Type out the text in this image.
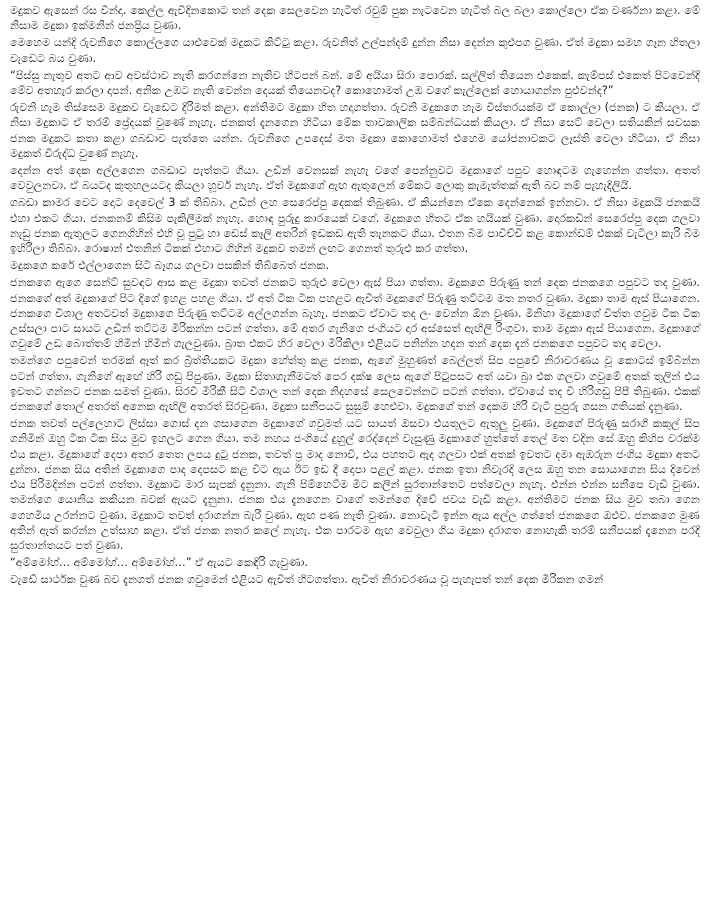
මදුකව ඇසෙන් රස වින්දා. කෙල්ල ඇවිදිනකොට තන් දෙක සෙලවෙන හැටිත් රවුම් පුක නැටවෙන හැටිත් බල බලා කොල්ලො ඒක වර්ණනා කළා. මේ නිසාම මදුකා ඉක්මනින් ජනප්‍රිය වුණා.

මෙහෙම යන්දි රුවනිගෙ කොල්ලගෙ යාළුවෙක් මදුකට කිට්ටු කළා. රුවනිත් උල්පන්දම් දුන්න නිසා දෙන්න කුළුපග වුණා. ඒත් මදුකා සමහ ගෑන හිතලා වැඩෙට බය වුණා.

“පිස්සු නැතුව අතට ආව අවස්ථාව නැති කරගන්නෙ නැතිව හිටපන් බන්. මේ අයියා සිරා පොරක්. සල්ලිත් තියෙන එකෙක්. කැම්පස් එකෙත් පිටවෙන්දි මේව අතහැර කරලා දාපන්. අනික උඹට නැති වෙන්න දෙයක් තියෙනවද? කොහොමත් උඹ වගේ කැල්ලෙක් හොයාගන්න පුළුවන්ද?”

රුවනි හැම තිස්සෙම මදුකව වැඩෙට දිරිමත් කළා. අන්තිමට මදුකා හිත හදාගත්තා. රුවනි මදුකගෙ හැම විස්තරයක්ම ඒ කොල්ලා (ජනක) ට කියලා. ඒ නිසා මදුකාට ඒ තරම් ප්‍රේදයක් වුණේ නැහැ. ජනකත් දැනගෙන හිටියා මේක තාවකාලික සම්බන්ධයක් කියලා. ඒ නිසා සෙට් වෙලා සතියකින් සවසක ජනක මදුකට කතා කළා ගබඩාව පැත්තෙ යන්න. රුවනිගෙ උපදෙස් මත මදුකා කොහොමත් එහෙම යෝජනාවකට ලෑස්ති වෙලා හිටියා. ඒ නිසා මදුකත් විරුද්ධ වුණේ නැහැ.

දෙන්න අත් දෙක අල්ලගෙන ගබඩාව පැත්තට ගියා. උඩින් වෙනසක් නැහැ වගේ පෙන්නුවට මදුකාගේ පපුව හොඳටම ගැහෙන්න ගත්තා. අතත් වෙවුලනවා. ඒ බයටද කුතුහලයටද කියලා හූවර් නැහැ. ඒත් මදුකගේ ඇඟ ඇතුලෙන් මේකට ලොකු කැමැත්තක් ඇති බව නම් පැහැදිලියි.

ගබඩා කාමර වෙට දොට දෙවෙල් 3 ක් තිබ්බා. උඩින් ලහ සෙරෙප්පු දෙකක් තිබුණා. ඒ කියන්නෙ ඒකෙ දෙන්නෙක් ඉන්නවා. ඒ නිසා මදුකයි ජනකයි එහා එකට ගියා. ජනකනම් කිසිම පැකිලීමක් නැහැ. හොඳ පුරුදු කාරයෙක් වගේ. මදුකගෙ හිතට ඒක හයියක් වුණා. දොරකඩින් සෙරෙප්පු දෙක ගලවා නැඩු ජනක ඇතුලට ගෙනගිහින් එහි වූ පුටු හා ඩෙස් කෑලි අතරින් ඉඩකඩ ඇති තැනකට ගියා. එතන බිම පාවිච්චි කළ කොන්ඩම් එකක් වැටිලා කැරි බිම ඉහිරිලා තිබ්බා. රොෂාන් එතනින් ටිකක් එහාට ගිහින් මදුකව තමන් ලඟට ගෙනත් තුරුළු කර ගත්තා.

මදුකගෙ කරේ එල්ලාගෙන සිටි බෑගය ගලවා පසකින් තිබ්බෙත් ජනක.

ජනකගෙ ඇගෙ සෙන්ට් සුවඳට ආස කළ මදුකා තවත් ජනකට තුරුළු වෙලා ඇස් පියා ගත්තා. මදුකගෙ පිරුණු තන් දෙක ජනකගෙ පපුවට තද වුණා. ජනකගේ අත් මදුකාගේ පිට දිගේ ඉහළ පහළ ගියා. ඒ අත් ටික ටික පහළට ඇවිත් මදුකගේ පිරුණු තට්ටම මත නතර වුණා. මදුකා තාම ඇස් පියාගෙන. ජනකගෙ විශාල අතටවත් මදුකාගෙ පිරුණු තට්ටම අල්ලගන්න බැහැ. ජනකට ඒවාට තද ලං වෙන්න ඕන වුණා. මිනිහා මදුකාගේ වීත්ත ගවුම ටික ටික උස්සලා පාට සායට උඩින් තට්ටම මිරිකන්න පටන් ගත්තා. මේ අතර ගැනිගෙ ජංගියට දාර අස්සෙත් ඇඟිලි රිංගුවා. තාම මදුකා ඇස් පියාගෙන. මදුකාගේ ගවුමේ උඩ බොත්තම් හිමින් හිමින් ගැලවුණා. බ්‍රාත එකට හිර වෙලා මිරිකිලා එළියට පනින්න හදන තන් දෙක දැන් ජනකගෙ පපුවට තද වෙලා.

තමන්ගෙ පපුවෙන් තරමක් ඈත් කර බ්‍රිත්තියකට මදුකා හේත්තු කළ ජනක, ඇගේ මුහුණත් බෙල්ලත් සිප පපුවේ නිරාවරණය වූ කොටස් ඉම්බින්න පටන් ගත්තා. ගැනිගේ ඇඟේ හිරි ගඩු පිපුණා. මදුකා සිතාගැනීමටත් පෙර දක්ෂ ලෙස ඇගේ පිටුපසට අත් යවා බ්‍රා එක ගලවා ගවුමේ අතක් තුලින් එය ඉවතට ගන්නට ජනක සමත් වුණා. සිරවී මිරිකී සිටි විශාල තන් දෙක නිදහසේ සෙලවෙන්නට පටන් ගත්තා. ඒවායේ තද වී හිරිගඩු පිපී තිබුණා. එකක් ජනකගේ තොල් අතරත් අනෙක ඇඟිලි අතරත් සිරවුණා. මදුකා සනීපයට සුසුම් හෙළුවා. මදුකගේ තන් දෙකම හිරි වැටී පුපුරු ගසන ගතියක් දැනුණා.

ජනක තවත් පල්ලෙහාට ලිස්සා ගොස් දන ගසාගෙන මදුකාගේ ගවුමත් යට සායත් ඔසවා එයතුලට ඇතුලු වුණා. මදුකගේ පිරුණු සරාගී කකුල් සිප ගනිමින් ඔහු ටික ටික සිය මුව ඉහලට ගෙන ගියා. තම නහය ජංගියේ දුහුල් රෙද්දෙන් වැසුණු මදුකාගේ හුත්තේ තෙල් මත වදින සේ ඔහු කිහිප වරක්ම එය කළා. මදුකාගේ දෙපා අතර තෙත ලපය දුටු ජනක, තවත් ප්‍ර මාද නොවී, එය පහතට ඇද ගලවා එක් අතක් ඉවතට දමා ඇඹරුන ජංගිය මදුකා අතට දුන්නා. ජනක සිය අතින් මදුකාගෙ පාද දෙපසට කළ විට ඇය ඊට ඉඩ දී දෙපා පළල් කළා. ජනක ඉතා නිවැරදි ලෙස ඔහු තන සොයාගෙන සිය දිවෙන් එය පිරිමදින්න පටන් ගත්තා. මදුකාට මාර සැපක් දැනුනා. ගැනි පිම්හෙට්ම මීට කලින් සුරතාන්තෙට පත්වෙලා නැහැ. එන්න එන්න සනීපෙ වැඩි වුණා. තමන්ගෙ යොනිය කකියන බවක් ඇයට දැනුනා. ජනක එය දැනගෙන වාගේ තමන්ගෙ දිවේ ජවය වැඩි කළා. අන්තිමට ජනක සිය මුව තබා ගෙන ගෙහමිය උරන්නට වුණා. මදුකාට තවත් දරාගන්න බැරි වුණා. ඇඟ පණ නැති වුණා. නොවැටී ඉන්න ඇය අල්ල ගත්තේ ජනකගෙ ඔළුව. ජනකගෙ මුණ අතින් ඇත් කරන්න උත්සාහ කළා. ඒත් ජනක නතර කලේ නැහැ. එක පාරටම ඇඟ වෙවුලා ගිය මදුකා දරාගත නොහැකි තරම් සනීපයක් දැනෙන පරදි සුරතාන්තයට පත් වුණා.

“අම්මෝහ්… අම්මෝහ්… අම්මෝහ්…” ඒ ඇයට කෙඳිරි ගැවුණා.

වැඩේ සාර්ථක වුණ බව දැනගත් ජනක ගවුමෙන් එළියට ඇවිත් හිටගත්තා. ඇවිත් නිරාවරණය වූ පැහැපත් තන් දෙක මිරිකන ගමන්
